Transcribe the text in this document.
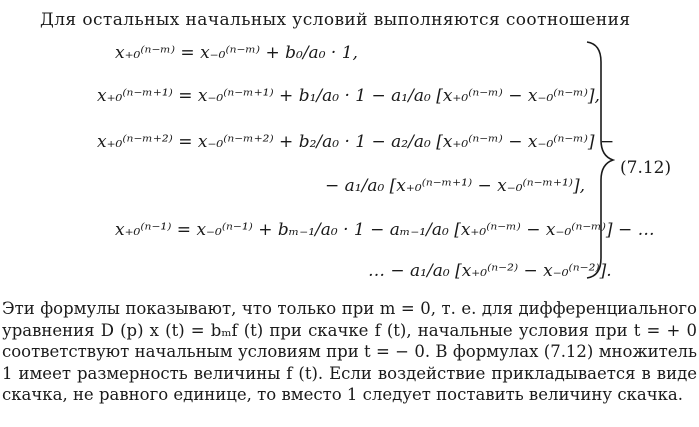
Для остальных начальных условий выполняются соотношения
x₊₀⁽ⁿ⁻ᵐ⁾ = x₋₀⁽ⁿ⁻ᵐ⁾ + b₀/a₀ · 1,
x₊₀⁽ⁿ⁻ᵐ⁺¹⁾ = x₋₀⁽ⁿ⁻ᵐ⁺¹⁾ + b₁/a₀ · 1 − a₁/a₀ [x₊₀⁽ⁿ⁻ᵐ⁾ − x₋₀⁽ⁿ⁻ᵐ⁾],
x₊₀⁽ⁿ⁻ᵐ⁺²⁾ = x₋₀⁽ⁿ⁻ᵐ⁺²⁾ + b₂/a₀ · 1 − a₂/a₀ [x₊₀⁽ⁿ⁻ᵐ⁾ − x₋₀⁽ⁿ⁻ᵐ⁾] −
− a₁/a₀ [x₊₀⁽ⁿ⁻ᵐ⁺¹⁾ − x₋₀⁽ⁿ⁻ᵐ⁺¹⁾],
x₊₀⁽ⁿ⁻¹⁾ = x₋₀⁽ⁿ⁻¹⁾ + bₘ₋₁/a₀ · 1 − aₘ₋₁/a₀ [x₊₀⁽ⁿ⁻ᵐ⁾ − x₋₀⁽ⁿ⁻ᵐ⁾] − …
… − a₁/a₀ [x₊₀⁽ⁿ⁻²⁾ − x₋₀⁽ⁿ⁻²⁾].
(7.12)

Эти формулы показывают, что только при m = 0, т. е. для дифференциального уравнения D (p) x (t) = bₘf (t) при скачке f (t), начальные условия при t = + 0 соответствуют начальным условиям при t = − 0. В формулах (7.12) множитель 1 имеет размерность величины f (t). Если воздействие прикладывается в виде скачка, не равного единице, то вместо 1 следует поставить величину скачка.
